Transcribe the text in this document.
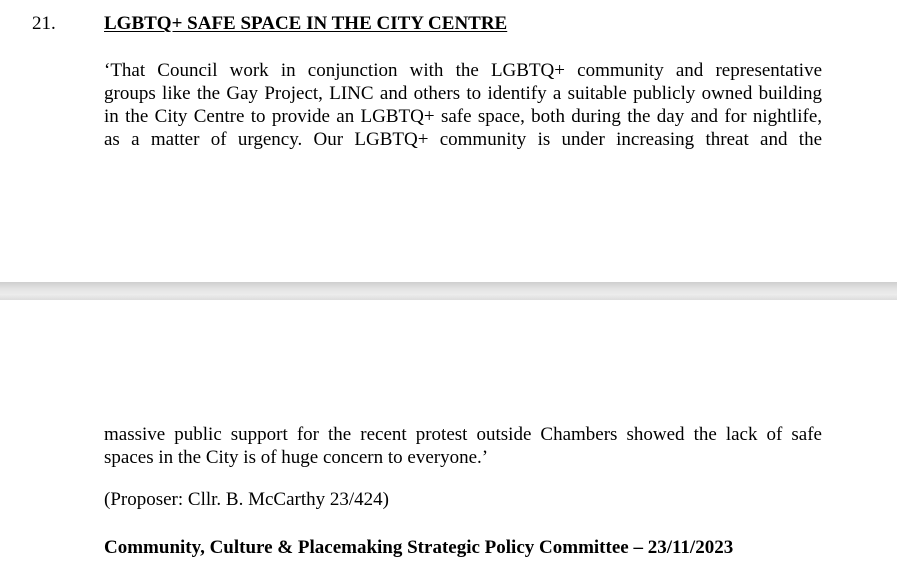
21.	LGBTQ+ SAFE SPACE IN THE CITY CENTRE
‘That Council work in conjunction with the LGBTQ+ community and representative
groups like the Gay Project, LINC and others to identify a suitable publicly owned building
in the City Centre to provide an LGBTQ+ safe space, both during the day and for nightlife,
as a matter of urgency. Our LGBTQ+ community is under increasing threat and the
massive public support for the recent protest outside Chambers showed the lack of safe
spaces in the City is of huge concern to everyone.’
(Proposer: Cllr. B. McCarthy 23/424)
Community, Culture & Placemaking Strategic Policy Committee – 23/11/2023
